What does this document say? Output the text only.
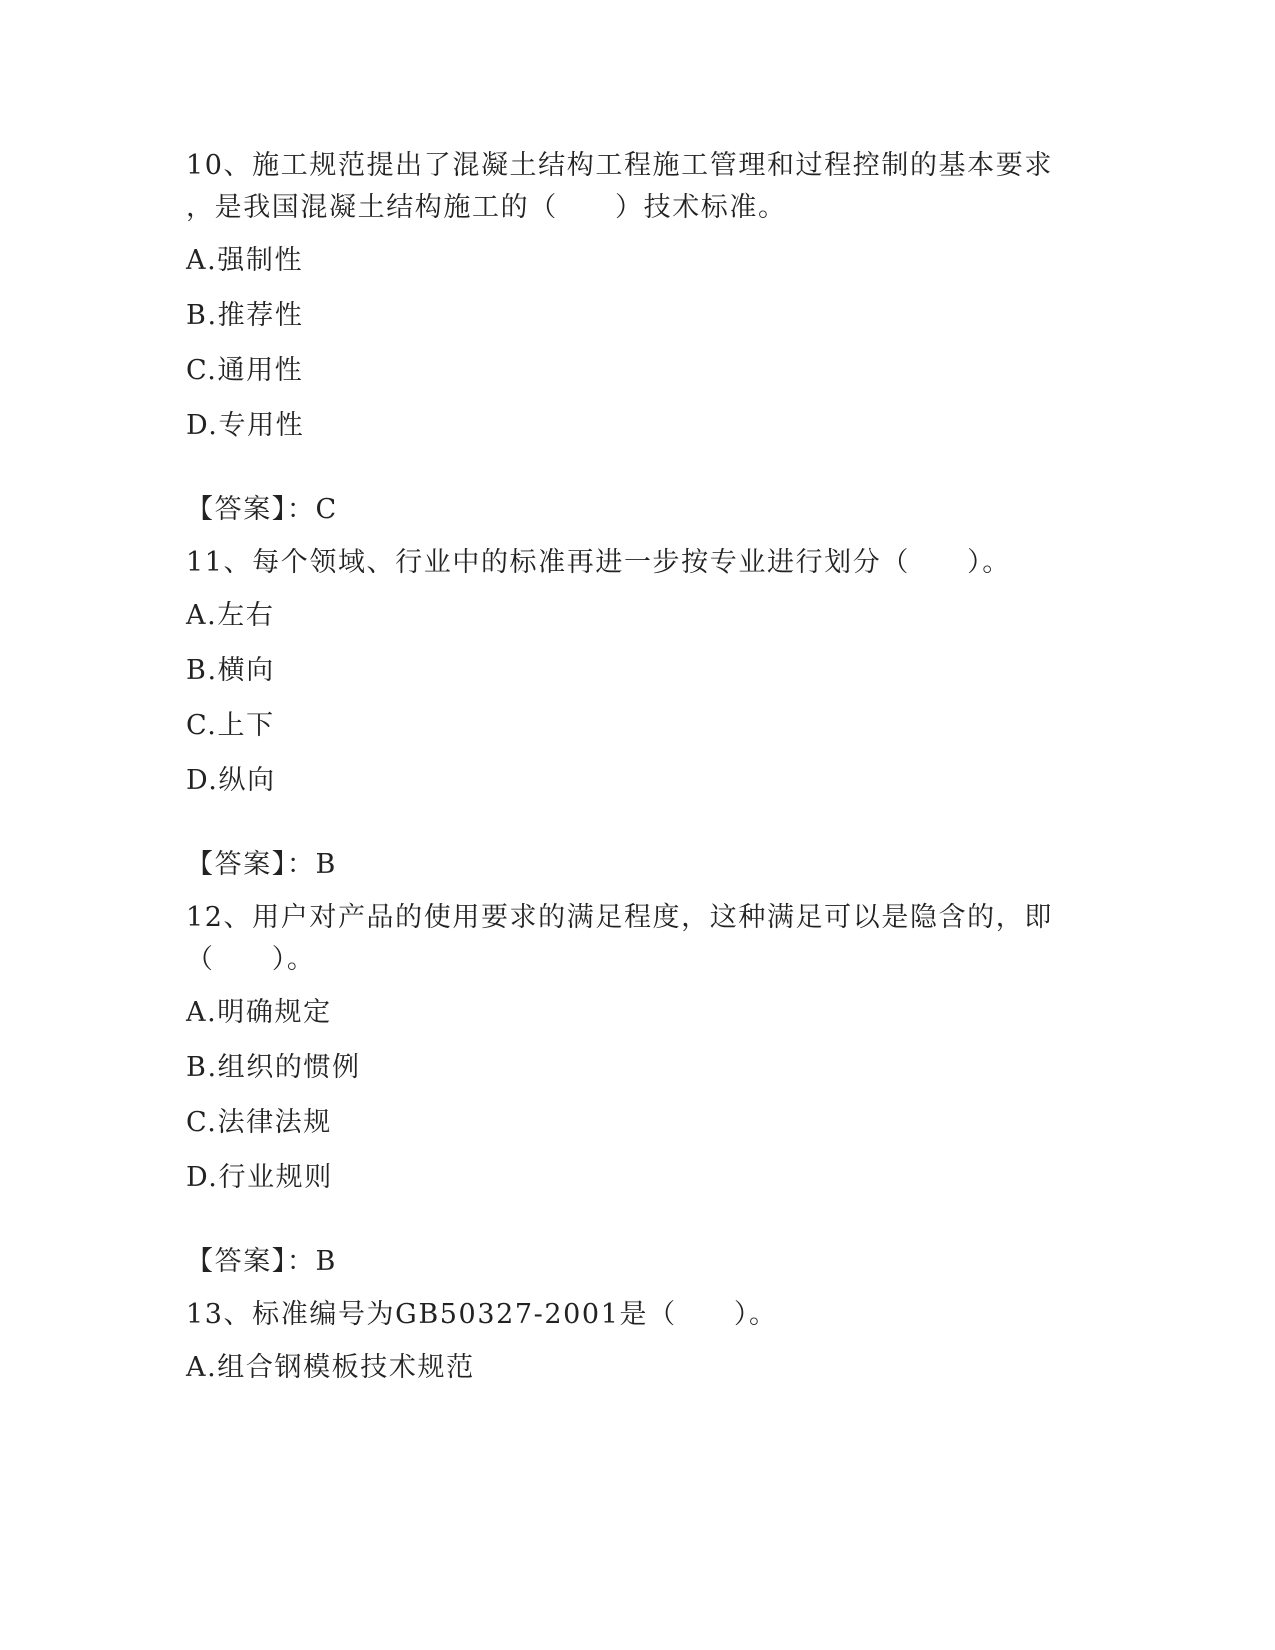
10、施工规范提出了混凝土结构工程施工管理和过程控制的基本要求

，是我国混凝土结构施工的（　　）技术标准。

A.强制性

B.推荐性

C.通用性

D.专用性

【答案】：C

11、每个领域、行业中的标准再进一步按专业进行划分（　　）。

A.左右

B.横向

C.上下

D.纵向

【答案】：B

12、用户对产品的使用要求的满足程度，这种满足可以是隐含的，即

（　　）。

A.明确规定

B.组织的惯例

C.法律法规

D.行业规则

【答案】：B

13、标准编号为GB50327-2001是（　　）。

A.组合钢模板技术规范
